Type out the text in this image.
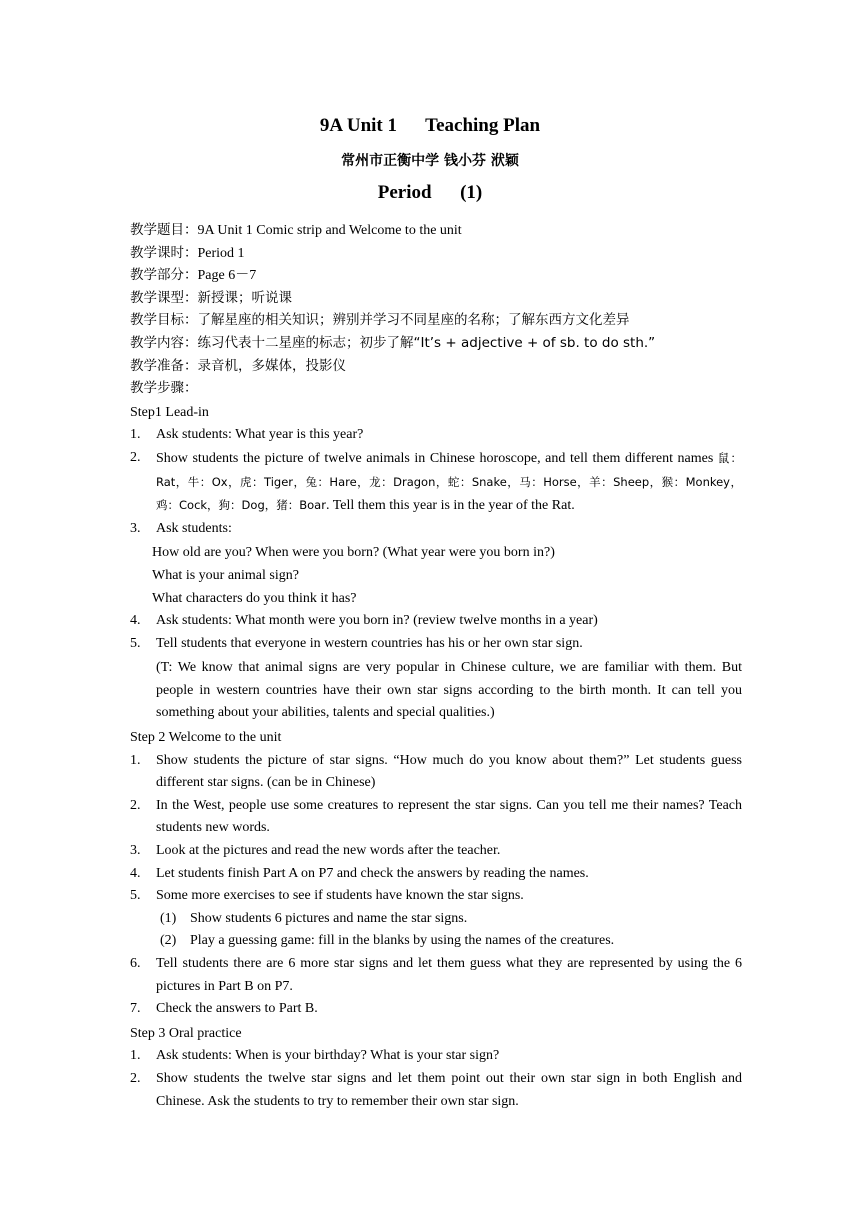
9A Unit 1      Teaching Plan
常州市正衡中学 钱小芬 洑颖
Period      (1)
教学题目：9A Unit 1 Comic strip and Welcome to the unit
教学课时：Period 1
教学部分：Page 6－7
教学课型：新授课；听说课
教学目标：了解星座的相关知识；辨别并学习不同星座的名称；了解东西方文化差异
教学内容：练习代表十二星座的标志；初步了解“It’s + adjective + of sb. to do sth.”
教学准备：录音机，多媒体，投影仪
教学步骤：
Step1 Lead-in
1.	Ask students: What year is this year?
2.	Show students the picture of twelve animals in Chinese horoscope, and tell them different names 鼠：Rat，牛：Ox，虎：Tiger，兔：Hare，龙：Dragon，蛇：Snake，马：Horse，羊：Sheep，猴：Monkey，鸡：Cock，狗：Dog，猪：Boar. Tell them this year is in the year of the Rat.
3.	Ask students:
How old are you? When were you born? (What year were you born in?)
What is your animal sign?
What characters do you think it has?
4.	Ask students: What month were you born in? (review twelve months in a year)
5.	Tell students that everyone in western countries has his or her own star sign.
(T: We know that animal signs are very popular in Chinese culture, we are familiar with them. But people in western countries have their own star signs according to the birth month. It can tell you something about your abilities, talents and special qualities.)
Step 2 Welcome to the unit
1.	Show students the picture of star signs. “How much do you know about them?” Let students guess different star signs. (can be in Chinese)
2.	In the West, people use some creatures to represent the star signs. Can you tell me their names? Teach students new words.
3.	Look at the pictures and read the new words after the teacher.
4.	Let students finish Part A on P7 and check the answers by reading the names.
5.	Some more exercises to see if students have known the star signs.
(1) Show students 6 pictures and name the star signs.
(2) Play a guessing game: fill in the blanks by using the names of the creatures.
6.	Tell students there are 6 more star signs and let them guess what they are represented by using the 6 pictures in Part B on P7.
7.	Check the answers to Part B.
Step 3 Oral practice
1.	Ask students: When is your birthday? What is your star sign?
2.	Show students the twelve star signs and let them point out their own star sign in both English and Chinese. Ask the students to try to remember their own star sign.
